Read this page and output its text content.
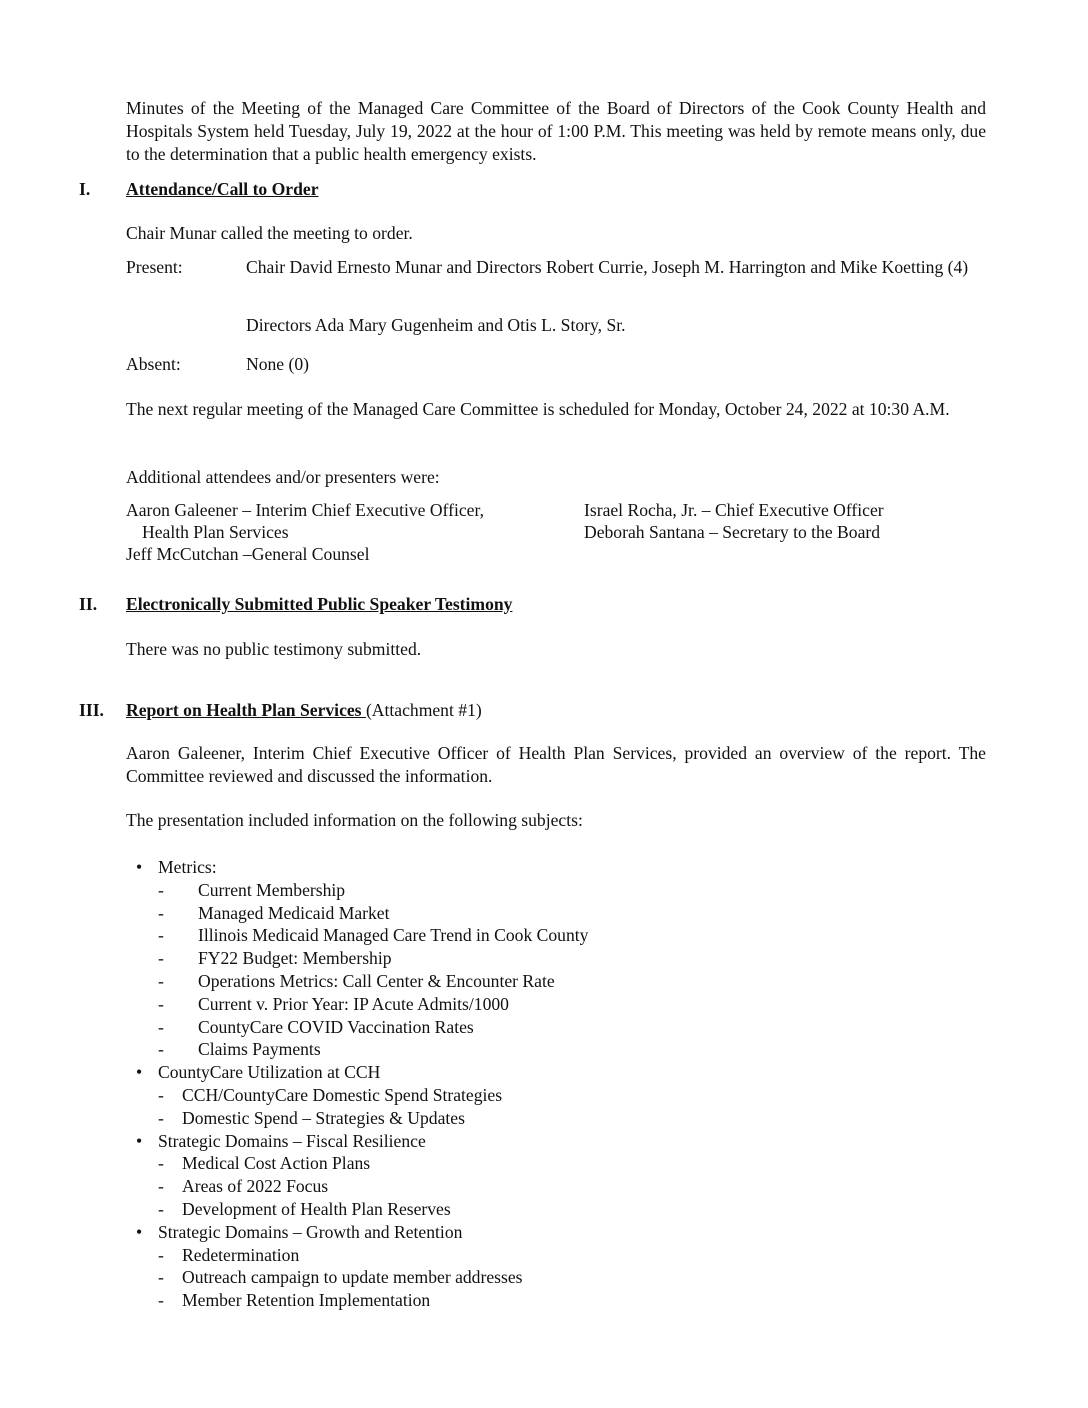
Minutes of the Meeting of the Managed Care Committee of the Board of Directors of the Cook County Health and Hospitals System held Tuesday, July 19, 2022 at the hour of 1:00 P.M. This meeting was held by remote means only, due to the determination that a public health emergency exists.
I. Attendance/Call to Order
Chair Munar called the meeting to order.
Present:	Chair David Ernesto Munar and Directors Robert Currie, Joseph M. Harrington and Mike Koetting (4)
Directors Ada Mary Gugenheim and Otis L. Story, Sr.
Absent:	None (0)
The next regular meeting of the Managed Care Committee is scheduled for Monday, October 24, 2022 at 10:30 A.M.
Additional attendees and/or presenters were:
Aaron Galeener – Interim Chief Executive Officer,
Health Plan Services
Jeff McCutchan –General Counsel
Israel Rocha, Jr. – Chief Executive Officer
Deborah Santana – Secretary to the Board
II. Electronically Submitted Public Speaker Testimony
There was no public testimony submitted.
III. Report on Health Plan Services (Attachment #1)
Aaron Galeener, Interim Chief Executive Officer of Health Plan Services, provided an overview of the report. The Committee reviewed and discussed the information.
The presentation included information on the following subjects:
• Metrics:
- Current Membership
- Managed Medicaid Market
- Illinois Medicaid Managed Care Trend in Cook County
- FY22 Budget: Membership
- Operations Metrics: Call Center & Encounter Rate
- Current v. Prior Year: IP Acute Admits/1000
- CountyCare COVID Vaccination Rates
- Claims Payments
• CountyCare Utilization at CCH
- CCH/CountyCare Domestic Spend Strategies
- Domestic Spend – Strategies & Updates
• Strategic Domains – Fiscal Resilience
- Medical Cost Action Plans
- Areas of 2022 Focus
- Development of Health Plan Reserves
• Strategic Domains – Growth and Retention
- Redetermination
- Outreach campaign to update member addresses
- Member Retention Implementation
